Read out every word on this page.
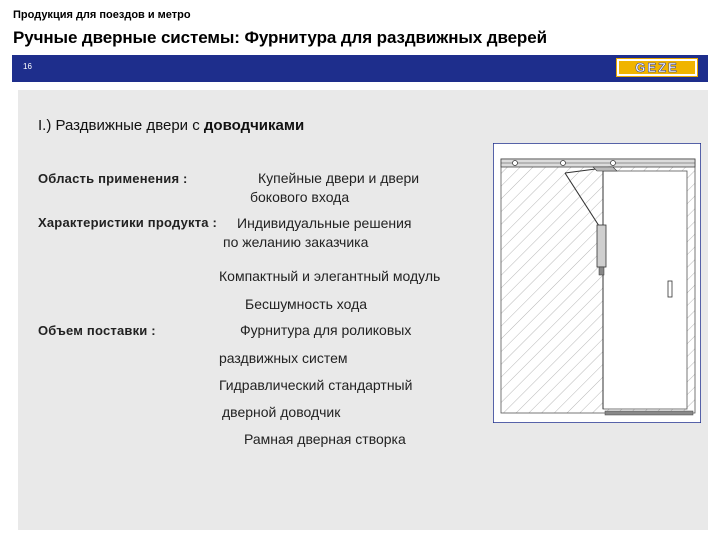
Продукция для поездов и метро
Ручные дверные системы: Фурнитура для раздвижных дверей
16	GEZE
I.) Раздвижные двери с доводчиками
Область применения :	Купейные двери и двери
бокового входа
Характеристики продукта : Индивидуальные решения
по желанию заказчика
Компактный и элегантный модуль
Бесшумность хода
Объем поставки :	Фурнитура для роликовых
раздвижных систем
Гидравлический стандартный
дверной доводчик
Рамная дверная створка
